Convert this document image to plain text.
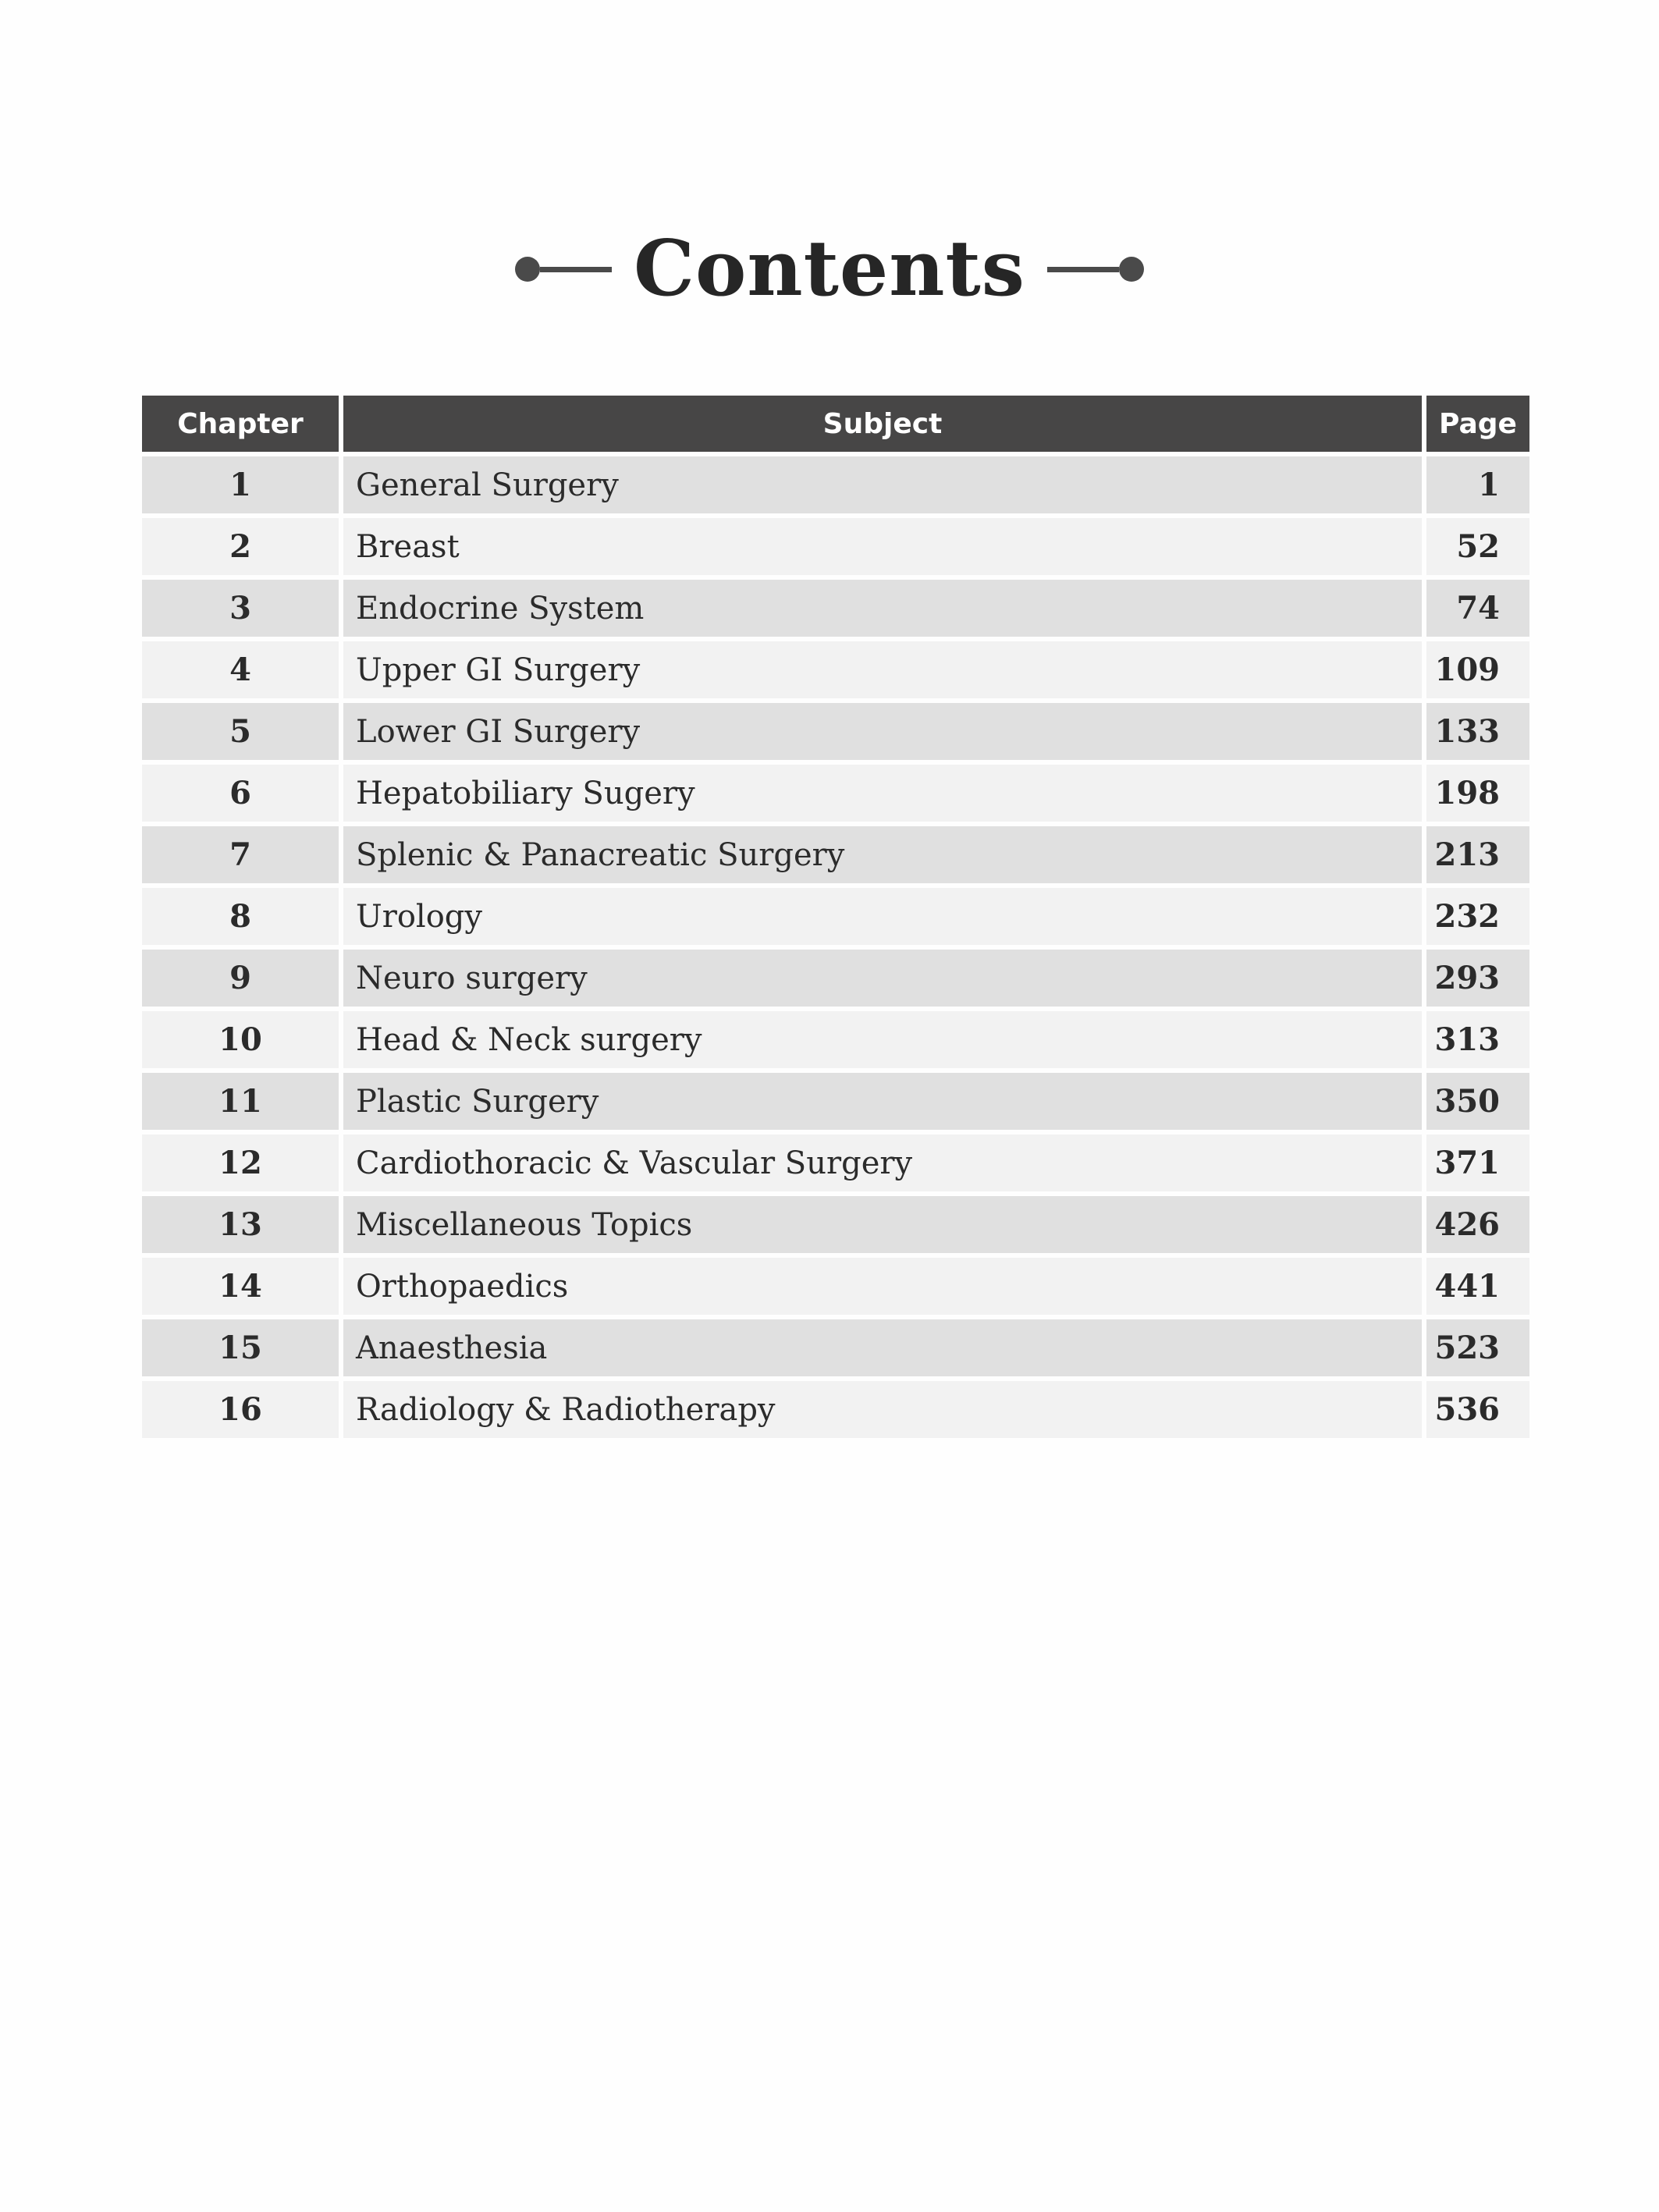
Contents
Chapter	Subject	Page
1	General Surgery	1
2	Breast	52
3	Endocrine System	74
4	Upper GI Surgery	109
5	Lower GI Surgery	133
6	Hepatobiliary Sugery	198
7	Splenic & Panacreatic Surgery	213
8	Urology	232
9	Neuro surgery	293
10	Head & Neck surgery	313
11	Plastic Surgery	350
12	Cardiothoracic & Vascular Surgery	371
13	Miscellaneous Topics	426
14	Orthopaedics	441
15	Anaesthesia	523
16	Radiology & Radiotherapy	536
